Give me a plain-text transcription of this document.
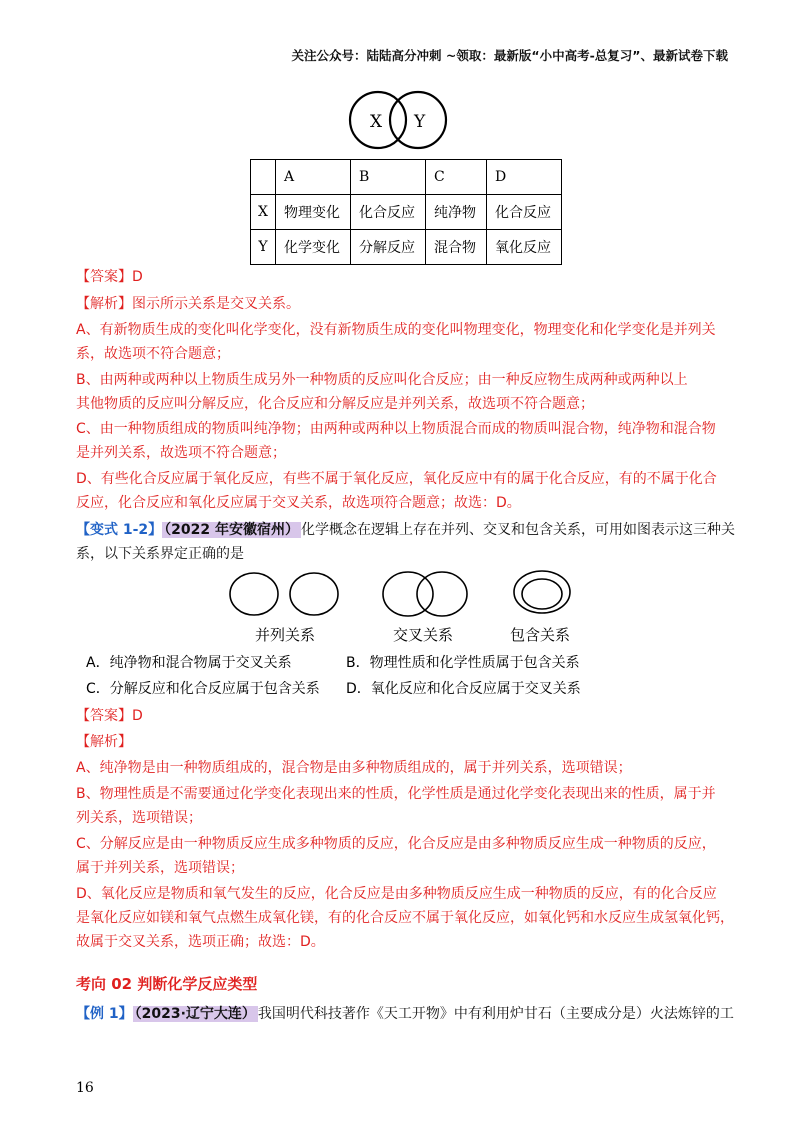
关注公众号：陆陆高分冲刺 ~领取：最新版“小中高考-总复习”、最新试卷下载
X Y
	A	B	C	D
X	物理变化	化合反应	纯净物	化合反应
Y	化学变化	分解反应	混合物	氧化反应
【答案】D
【解析】图示所示关系是交叉关系。
A、有新物质生成的变化叫化学变化，没有新物质生成的变化叫物理变化，物理变化和化学变化是并列关
系，故选项不符合题意；
B、由两种或两种以上物质生成另外一种物质的反应叫化合反应；由一种反应物生成两种或两种以上
其他物质的反应叫分解反应，化合反应和分解反应是并列关系，故选项不符合题意；
C、由一种物质组成的物质叫纯净物；由两种或两种以上物质混合而成的物质叫混合物，纯净物和混合物
是并列关系，故选项不符合题意；
D、有些化合反应属于氧化反应，有些不属于氧化反应，氧化反应中有的属于化合反应，有的不属于化合
反应，化合反应和氧化反应属于交叉关系，故选项符合题意；故选：D。
【变式 1-2】 （2022 年安徽宿州） 化学概念在逻辑上存在并列、交叉和包含关系，可用如图表示这三种关
系，以下关系界定正确的是
并列关系	交叉关系	包含关系
A．纯净物和混合物属于交叉关系	B．物理性质和化学性质属于包含关系
C．分解反应和化合反应属于包含关系 D．氧化反应和化合反应属于交叉关系
【答案】D
【解析】
A、纯净物是由一种物质组成的，混合物是由多种物质组成的，属于并列关系，选项错误；
B、物理性质是不需要通过化学变化表现出来的性质，化学性质是通过化学变化表现出来的性质，属于并
列关系，选项错误；
C、分解反应是由一种物质反应生成多种物质的反应，化合反应是由多种物质反应生成一种物质的反应，
属于并列关系，选项错误；
D、氧化反应是物质和氧气发生的反应，化合反应是由多种物质反应生成一种物质的反应，有的化合反应
是氧化反应如镁和氧气点燃生成氧化镁，有的化合反应不属于氧化反应，如氧化钙和水反应生成氢氧化钙，
故属于交叉关系，选项正确；故选：D。
考向 02 判断化学反应类型
【例 1】 （2023·辽宁大连） 我国明代科技著作《天工开物》中有利用炉甘石（主要成分是）火法炼锌的工
16
